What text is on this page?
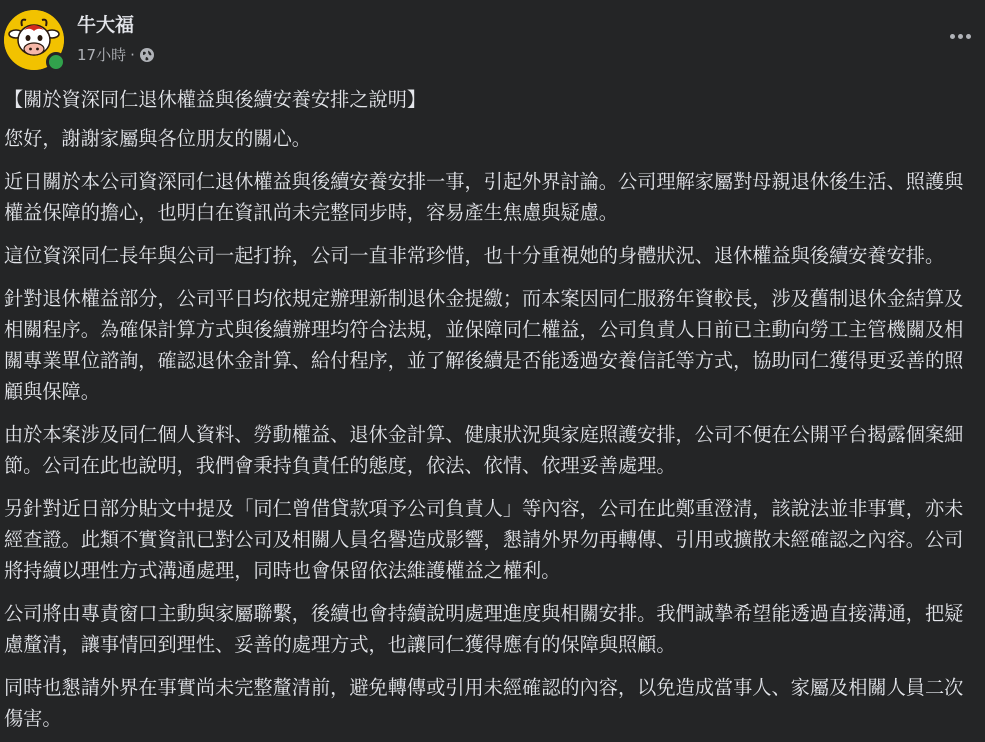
牛大福
17小時 ·

【關於資深同仁退休權益與後續安養安排之說明】

您好，謝謝家屬與各位朋友的關心。

近日關於本公司資深同仁退休權益與後續安養安排一事，引起外界討論。公司理解家屬對母親退休後生活、照護與權益保障的擔心，也明白在資訊尚未完整同步時，容易產生焦慮與疑慮。

這位資深同仁長年與公司一起打拚，公司一直非常珍惜，也十分重視她的身體狀況、退休權益與後續安養安排。

針對退休權益部分，公司平日均依規定辦理新制退休金提繳；而本案因同仁服務年資較長，涉及舊制退休金結算及相關程序。為確保計算方式與後續辦理均符合法規，並保障同仁權益，公司負責人日前已主動向勞工主管機關及相關專業單位諮詢，確認退休金計算、給付程序，並了解後續是否能透過安養信託等方式，協助同仁獲得更妥善的照顧與保障。

由於本案涉及同仁個人資料、勞動權益、退休金計算、健康狀況與家庭照護安排，公司不便在公開平台揭露個案細節。公司在此也說明，我們會秉持負責任的態度，依法、依情、依理妥善處理。

另針對近日部分貼文中提及「同仁曾借貸款項予公司負責人」等內容，公司在此鄭重澄清，該說法並非事實，亦未經查證。此類不實資訊已對公司及相關人員名譽造成影響，懇請外界勿再轉傳、引用或擴散未經確認之內容。公司將持續以理性方式溝通處理，同時也會保留依法維護權益之權利。

公司將由專責窗口主動與家屬聯繫，後續也會持續說明處理進度與相關安排。我們誠摯希望能透過直接溝通，把疑慮釐清，讓事情回到理性、妥善的處理方式，也讓同仁獲得應有的保障與照顧。

同時也懇請外界在事實尚未完整釐清前，避免轉傳或引用未經確認的內容，以免造成當事人、家屬及相關人員二次傷害。
